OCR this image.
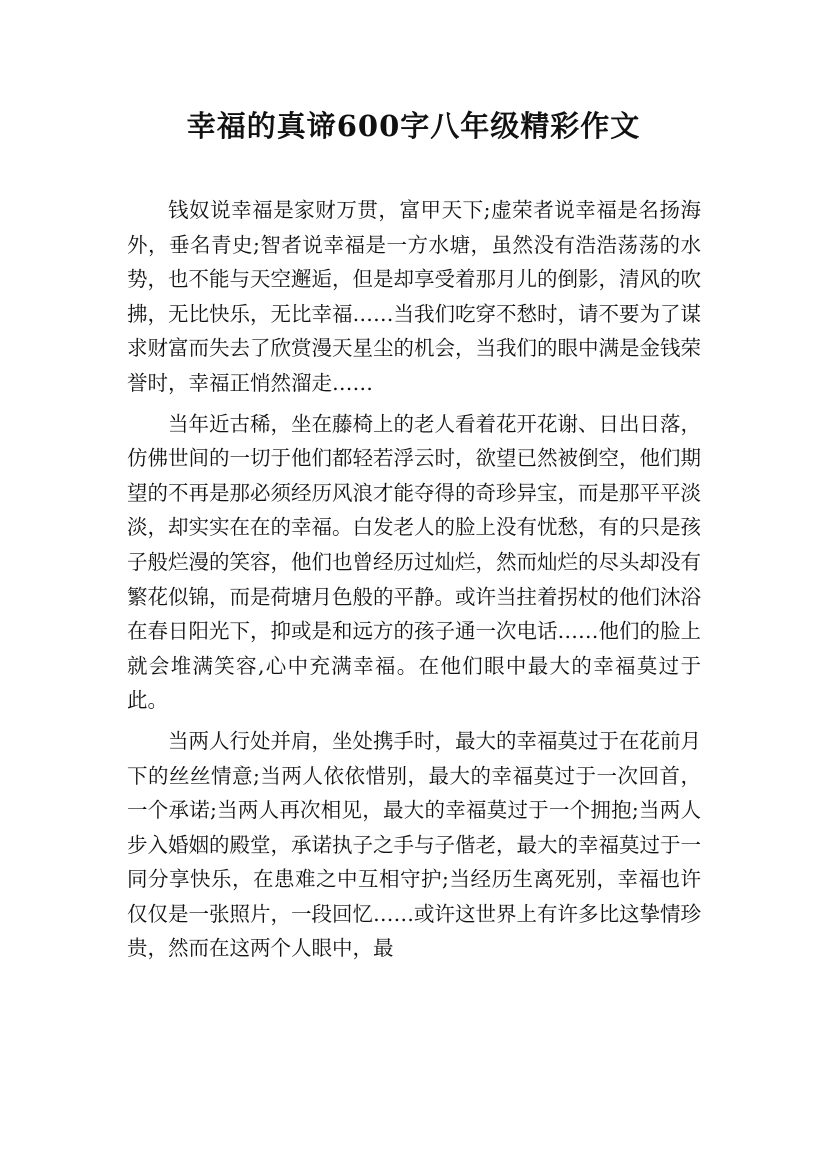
幸福的真谛600字八年级精彩作文

钱奴说幸福是家财万贯，富甲天下;虚荣者说幸福是名扬海外，垂名青史;智者说幸福是一方水塘，虽然没有浩浩荡荡的水势，也不能与天空邂逅，但是却享受着那月儿的倒影，清风的吹拂，无比快乐，无比幸福……当我们吃穿不愁时，请不要为了谋求财富而失去了欣赏漫天星尘的机会，当我们的眼中满是金钱荣誉时，幸福正悄然溜走……

当年近古稀，坐在藤椅上的老人看着花开花谢、日出日落，仿佛世间的一切于他们都轻若浮云时，欲望已然被倒空，他们期望的不再是那必须经历风浪才能夺得的奇珍异宝，而是那平平淡淡，却实实在在的幸福。白发老人的脸上没有忧愁，有的只是孩子般烂漫的笑容，他们也曾经历过灿烂，然而灿烂的尽头却没有繁花似锦，而是荷塘月色般的平静。或许当拄着拐杖的他们沐浴在春日阳光下，抑或是和远方的孩子通一次电话……他们的脸上就会堆满笑容,心中充满幸福。在他们眼中最大的幸福莫过于此。

当两人行处并肩，坐处携手时，最大的幸福莫过于在花前月下的丝丝情意;当两人依依惜别，最大的幸福莫过于一次回首，一个承诺;当两人再次相见，最大的幸福莫过于一个拥抱;当两人步入婚姻的殿堂，承诺执子之手与子偕老，最大的幸福莫过于一同分享快乐，在患难之中互相守护;当经历生离死别，幸福也许仅仅是一张照片，一段回忆……或许这世界上有许多比这挚情珍贵，然而在这两个人眼中，最
